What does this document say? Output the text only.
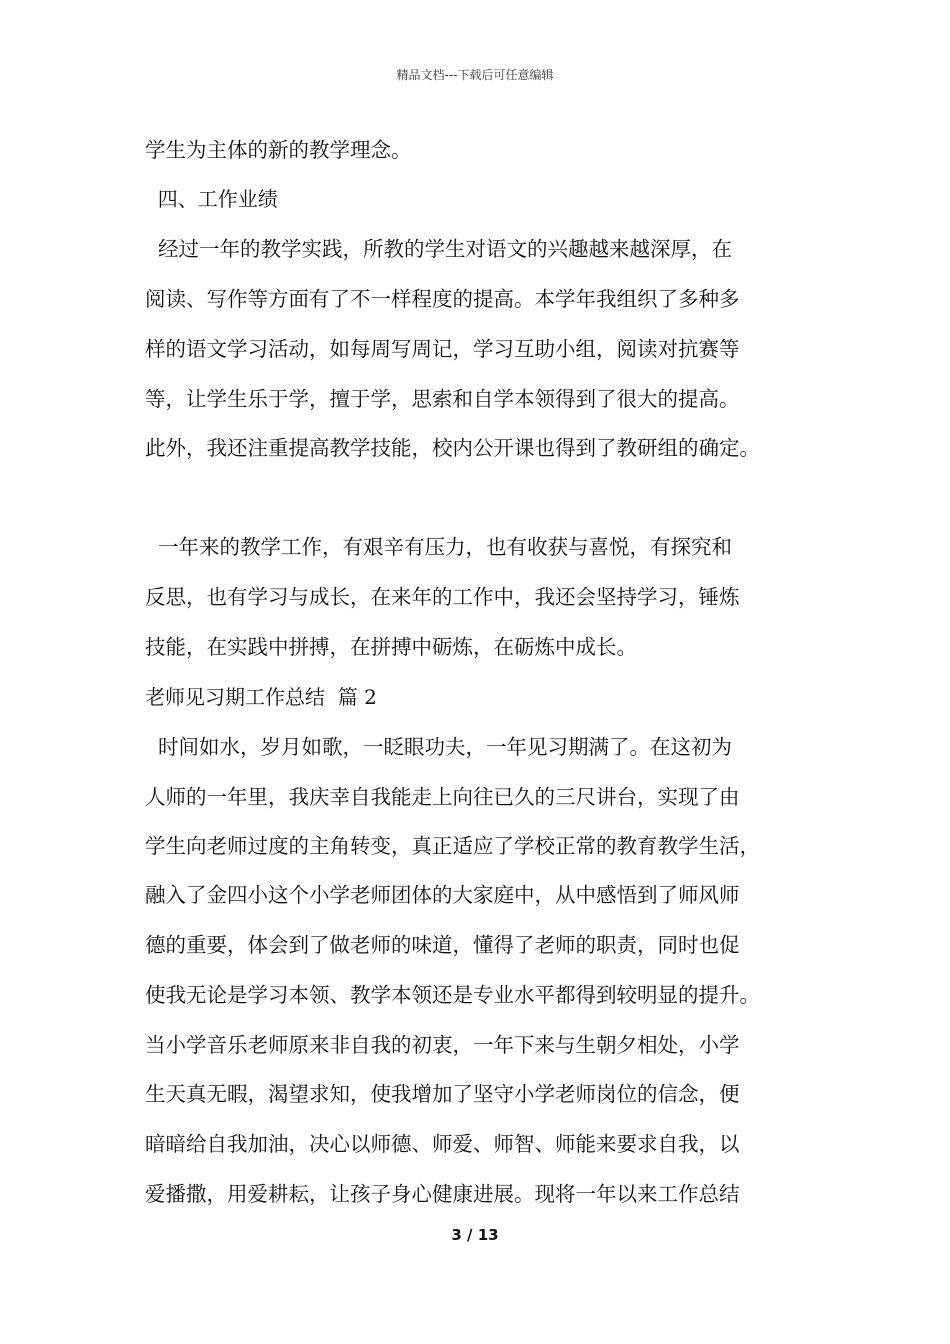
精品文档---下载后可任意编辑
学生为主体的新的教学理念。
四、工作业绩
经过一年的教学实践，所教的学生对语文的兴趣越来越深厚，在
阅读、写作等方面有了不一样程度的提高。本学年我组织了多种多
样的语文学习活动，如每周写周记，学习互助小组，阅读对抗赛等
等，让学生乐于学，擅于学，思索和自学本领得到了很大的提高。
此外，我还注重提高教学技能，校内公开课也得到了教研组的确定。
一年来的教学工作，有艰辛有压力，也有收获与喜悦，有探究和
反思，也有学习与成长，在来年的工作中，我还会坚持学习，锤炼
技能，在实践中拼搏，在拼搏中砺炼，在砺炼中成长。
老师见习期工作总结  篇 2
时间如水，岁月如歌，一眨眼功夫，一年见习期满了。在这初为
人师的一年里，我庆幸自我能走上向往已久的三尺讲台，实现了由
学生向老师过度的主角转变，真正适应了学校正常的教育教学生活，
融入了金四小这个小学老师团体的大家庭中，从中感悟到了师风师
德的重要，体会到了做老师的味道，懂得了老师的职责，同时也促
使我无论是学习本领、教学本领还是专业水平都得到较明显的提升。
当小学音乐老师原来非自我的初衷，一年下来与生朝夕相处，小学
生天真无暇，渴望求知，使我增加了坚守小学老师岗位的信念，便
暗暗给自我加油，决心以师德、师爱、师智、师能来要求自我，以
爱播撒，用爱耕耘，让孩子身心健康进展。现将一年以来工作总结
3 / 13
